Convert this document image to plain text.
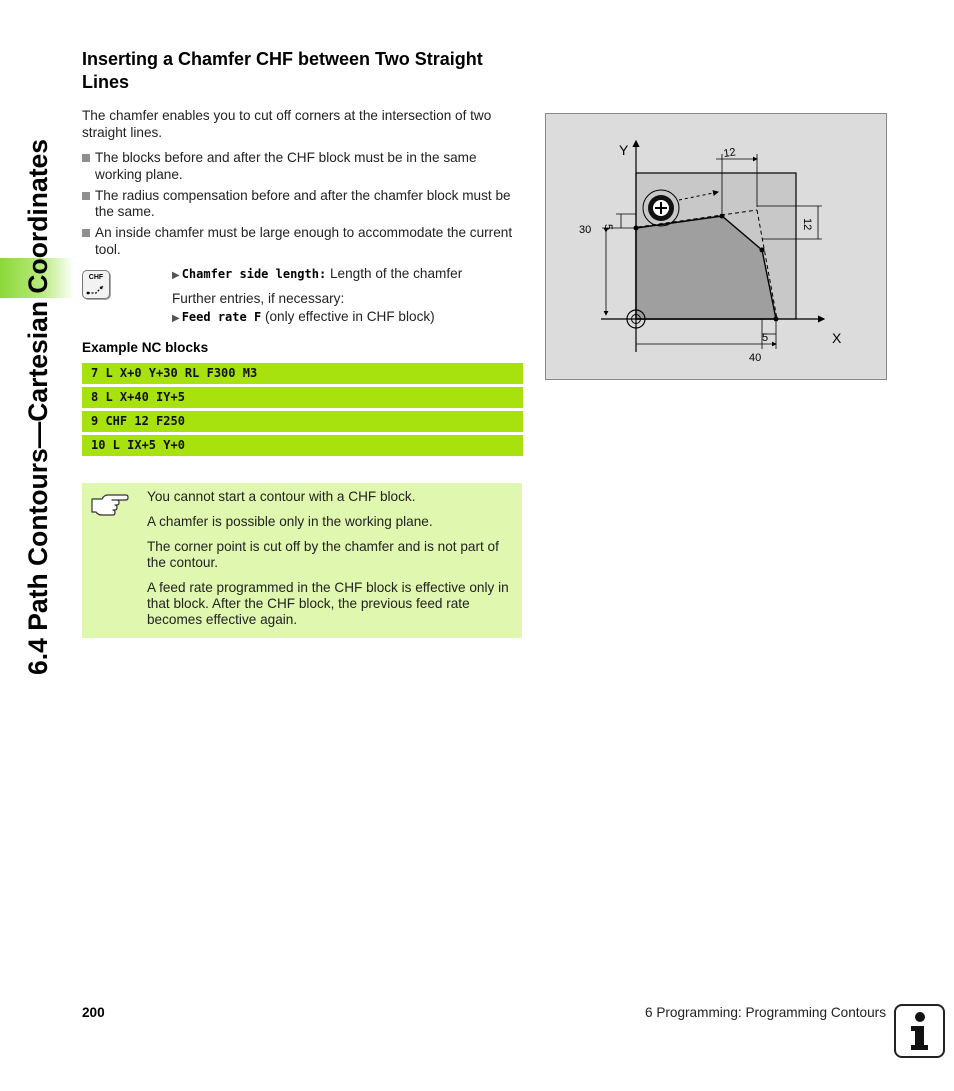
6.4 Path Contours—Cartesian Coordinates
Inserting a Chamfer CHF between Two Straight Lines

The chamfer enables you to cut off corners at the intersection of two straight lines.

The blocks before and after the CHF block must be in the same working plane.
The radius compensation before and after the chamfer block must be the same.
An inside chamfer must be large enough to accommodate the current tool.
CHF	▶ Chamfer side length: Length of the chamfer
Further entries, if necessary:
▶ Feed rate F (only effective in CHF block)
Example NC blocks
7 L X+0 Y+30 RL F300 M3
8 L X+40 IY+5
9 CHF 12 F250
10 L IX+5 Y+0

You cannot start a contour with a CHF block.

A chamfer is possible only in the working plane.

The corner point is cut off by the chamfer and is not part of the contour.

A feed rate programmed in the CHF block is effective only in that block. After the CHF block, the previous feed rate becomes effective again.

Y
X
12
12
5
30
5
40
200	6 Programming: Programming Contours
